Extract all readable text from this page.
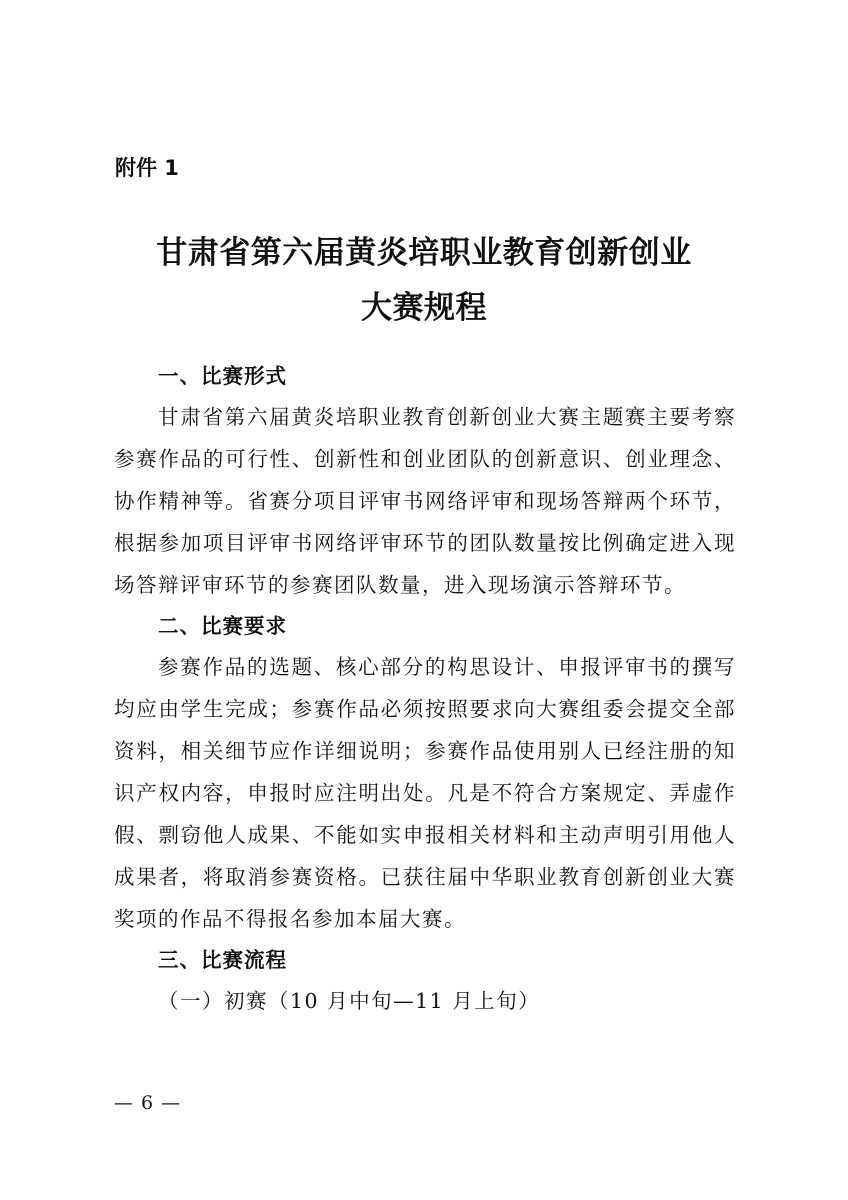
附件 1

甘肃省第六届黄炎培职业教育创新创业
大赛规程
一、比赛形式

甘肃省第六届黄炎培职业教育创新创业大赛主题赛主要考察参赛作品的可行性、创新性和创业团队的创新意识、创业理念、协作精神等。省赛分项目评审书网络评审和现场答辩两个环节，根据参加项目评审书网络评审环节的团队数量按比例确定进入现场答辩评审环节的参赛团队数量，进入现场演示答辩环节。

二、比赛要求

参赛作品的选题、核心部分的构思设计、申报评审书的撰写均应由学生完成；参赛作品必须按照要求向大赛组委会提交全部资料，相关细节应作详细说明；参赛作品使用别人已经注册的知识产权内容，申报时应注明出处。凡是不符合方案规定、弄虚作假、剽窃他人成果、不能如实申报相关材料和主动声明引用他人成果者，将取消参赛资格。已获往届中华职业教育创新创业大赛奖项的作品不得报名参加本届大赛。

三、比赛流程

（一）初赛（10 月中旬—11 月上旬）

— 6 —
